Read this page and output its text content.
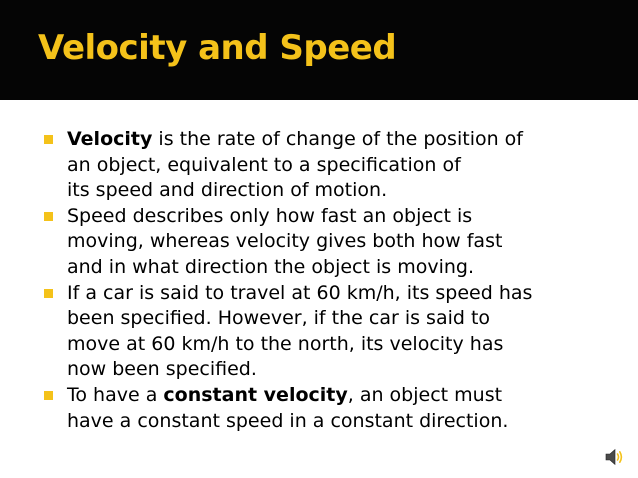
Velocity and Speed
Velocity is the rate of change of the position of
an object, equivalent to a specification of
its speed and direction of motion.
Speed describes only how fast an object is
moving, whereas velocity gives both how fast
and in what direction the object is moving.
If a car is said to travel at 60 km/h, its speed has
been specified. However, if the car is said to
move at 60 km/h to the north, its velocity has
now been specified.
To have a constant velocity, an object must
have a constant speed in a constant direction.
